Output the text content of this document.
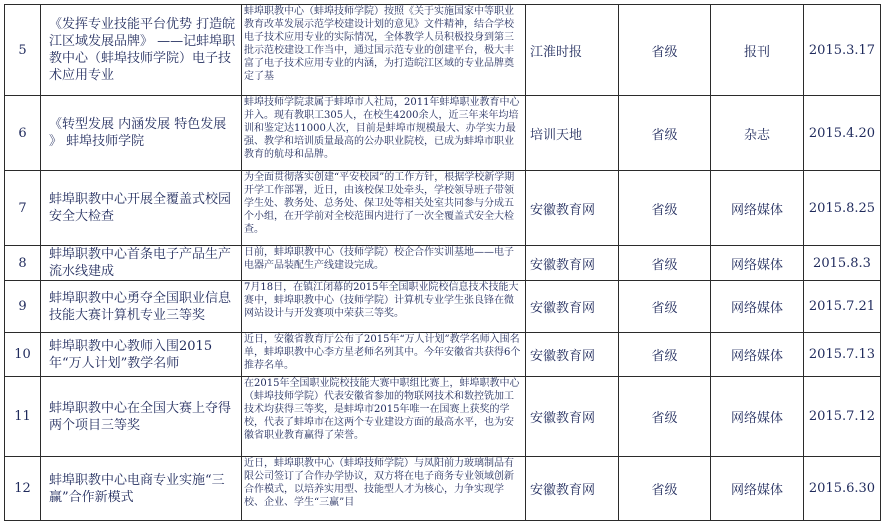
5	《发挥专业技能平台优势 打造皖江区域发展品牌》 ——记蚌埠职教中心（蚌埠技师学院）电子技术应用专业	蚌埠职教中心（蚌埠技师学院）按照《关于实施国家中等职业教育改革发展示范学校建设计划的意见》文件精神，结合学校电子技术应用专业的实际情况，全体教学人员积极投身到第三批示范校建设工作当中，通过国示范专业的创建平台，极大丰富了电子技术应用专业的内涵，为打造皖江区域的专业品牌奠定了基	江淮时报	省级	报刊	2015.3.17
6	《转型发展 内涵发展 特色发展 》 蚌埠技师学院	蚌埠技师学院隶属于蚌埠市人社局，2011年蚌埠职业教育中心并入。现有教职工305人，在校生4200余人，近三年来年均培训和鉴定达11000人次，目前是蚌埠市规模最大、办学实力最强、教学和培训质量最高的公办职业院校，已成为蚌埠市职业教育的航母和品牌。	培训天地	省级	杂志	2015.4.20
7	蚌埠职教中心开展全覆盖式校园安全大检查	为全面贯彻落实创建“平安校园”的工作方针，根据学校新学期开学工作部署，近日，由该校保卫处牵头，学校领导班子带领学生处、教务处、总务处、保卫处等相关处室共同参与分成五个小组，在开学前对全校范围内进行了一次全覆盖式安全大检查。	安徽教育网	省级	网络媒体	2015.8.25
8	蚌埠职教中心首条电子产品生产流水线建成	日前，蚌埠职教中心（技师学院）校企合作实训基地——电子电器产品装配生产线建设完成。	安徽教育网	省级	网络媒体	2015.8.3
9	蚌埠职教中心勇夺全国职业信息技能大赛计算机专业三等奖	7月18日，在镇江闭幕的2015年全国职业院校信息技术技能大赛中，蚌埠职教中心（技师学院）计算机专业学生张良锋在微网站设计与开发赛项中荣获三等奖。	安徽教育网	省级	网络媒体	2015.7.21
10	蚌埠职教中心教师入围2015年“万人计划”教学名师	近日，安徽省教育厅公布了2015年“万人计划”教学名师入围名单，蚌埠职教中心李方星老师名列其中。今年安徽省共获得6个推荐名单。	安徽教育网	省级	网络媒体	2015.7.13
11	蚌埠职教中心在全国大赛上夺得两个项目三等奖	在2015年全国职业院校技能大赛中职组比赛上，蚌埠职教中心（蚌埠技师学院）代表安徽省参加的物联网技术和数控铣加工技术均获得三等奖，是蚌埠市2015年唯一在国赛上获奖的学校，代表了蚌埠市在这两个专业建设方面的最高水平，也为安徽省职业教育赢得了荣誉。	安徽教育网	省级	网络媒体	2015.7.12
12	蚌埠职教中心电商专业实施“三赢”合作新模式	近日，蚌埠职教中心（蚌埠技师学院）与凤阳前力玻璃制品有限公司签订了合作办学协议，双方将在电子商务专业领域创新合作模式，以培养实用型、技能型人才为核心，力争实现学校、企业、学生“三赢”目	安徽教育网	省级	网络媒体	2015.6.30
